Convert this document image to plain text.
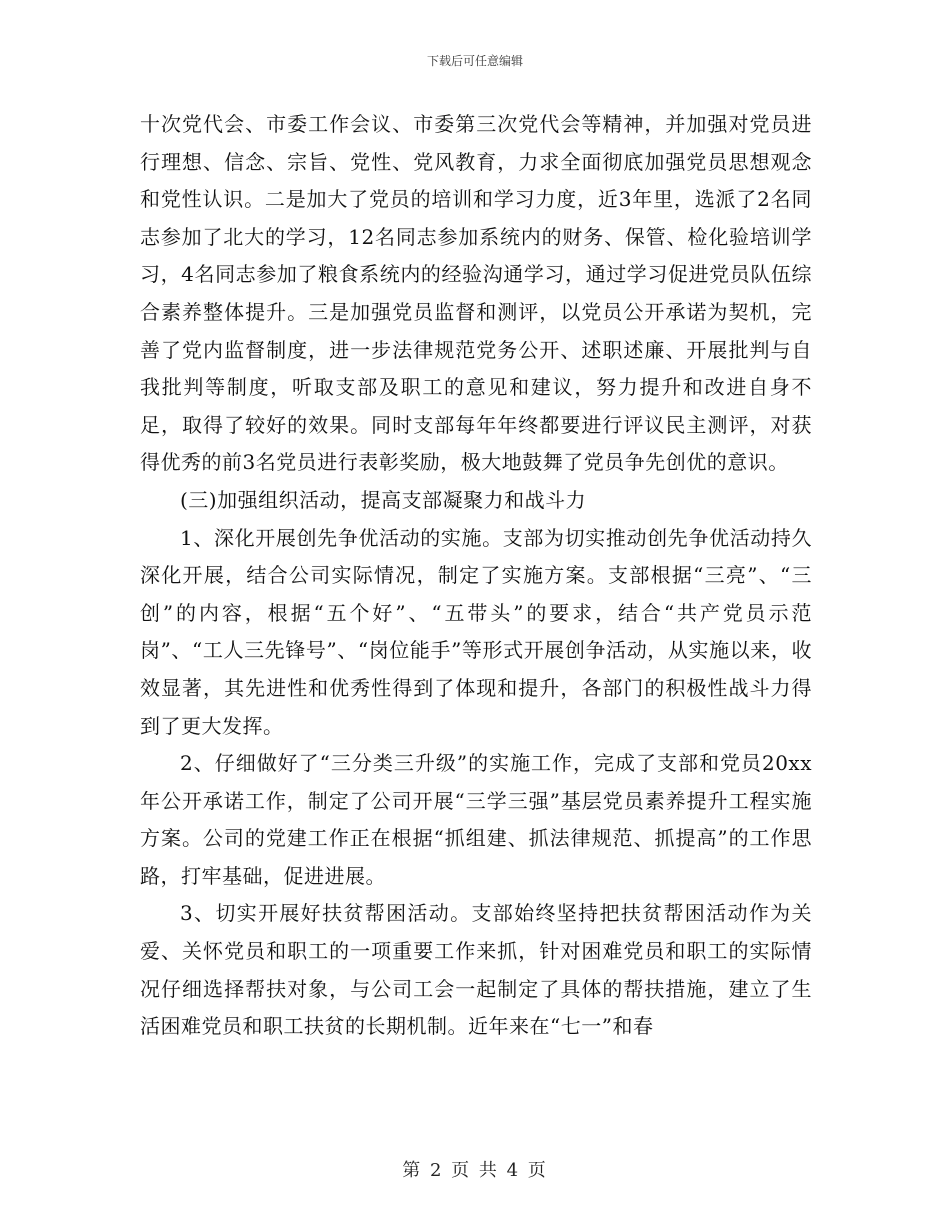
下载后可任意编辑

十次党代会、市委工作会议、市委第三次党代会等精神，并加强对党员进行理想、信念、宗旨、党性、党风教育，力求全面彻底加强党员思想观念和党性认识。二是加大了党员的培训和学习力度，近3年里，选派了2名同志参加了北大的学习，12名同志参加系统内的财务、保管、检化验培训学习，4名同志参加了粮食系统内的经验沟通学习，通过学习促进党员队伍综合素养整体提升。三是加强党员监督和测评，以党员公开承诺为契机，完善了党内监督制度，进一步法律规范党务公开、述职述廉、开展批判与自我批判等制度，听取支部及职工的意见和建议，努力提升和改进自身不足，取得了较好的效果。同时支部每年年终都要进行评议民主测评，对获得优秀的前3名党员进行表彰奖励，极大地鼓舞了党员争先创优的意识。

(三)加强组织活动，提高支部凝聚力和战斗力

1、深化开展创先争优活动的实施。支部为切实推动创先争优活动持久深化开展，结合公司实际情况，制定了实施方案。支部根据“三亮”、“三创”的内容，根据“五个好”、“五带头”的要求，结合“共产党员示范岗”、“工人三先锋号”、“岗位能手”等形式开展创争活动，从实施以来，收效显著，其先进性和优秀性得到了体现和提升，各部门的积极性战斗力得到了更大发挥。

2、仔细做好了“三分类三升级”的实施工作，完成了支部和党员20xx年公开承诺工作，制定了公司开展“三学三强”基层党员素养提升工程实施方案。公司的党建工作正在根据“抓组建、抓法律规范、抓提高”的工作思路，打牢基础，促进进展。

3、切实开展好扶贫帮困活动。支部始终坚持把扶贫帮困活动作为关爱、关怀党员和职工的一项重要工作来抓，针对困难党员和职工的实际情况仔细选择帮扶对象，与公司工会一起制定了具体的帮扶措施，建立了生活困难党员和职工扶贫的长期机制。近年来在“七一”和春

第 2 页 共 4 页
